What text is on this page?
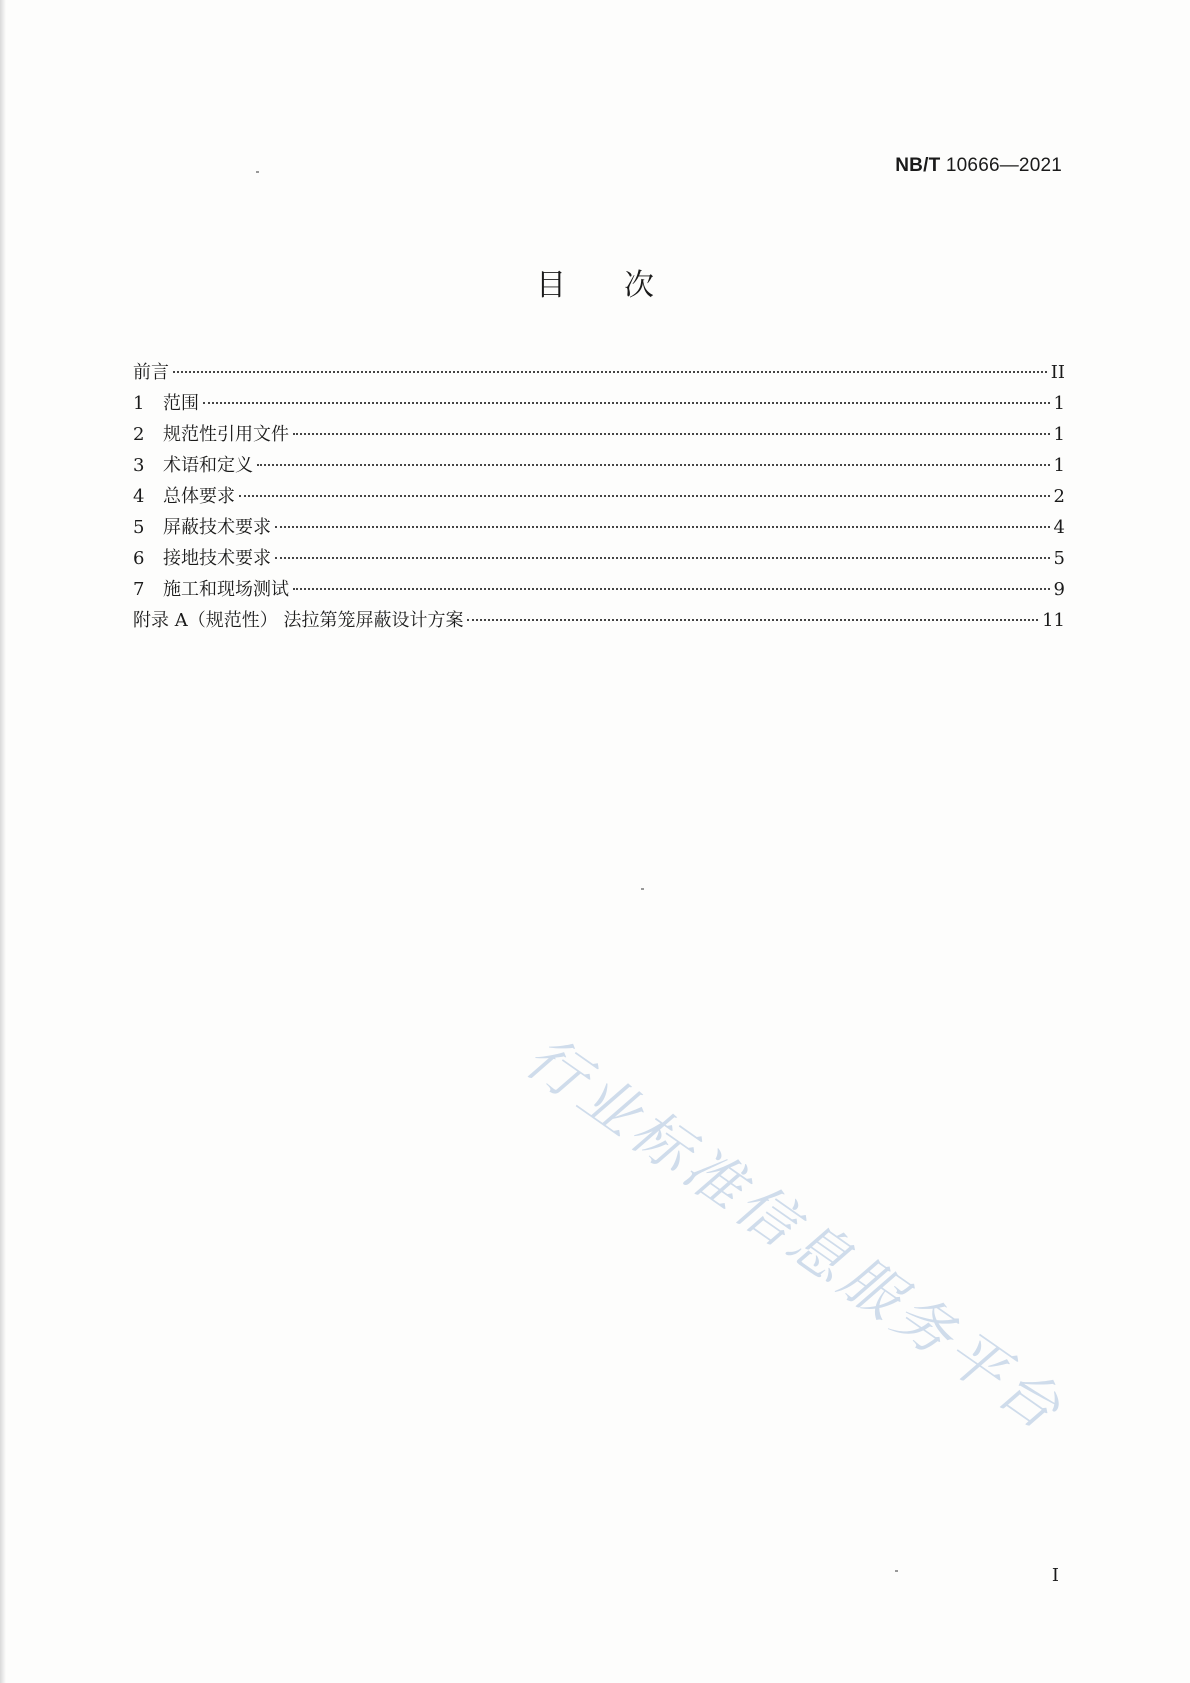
NB/T 10666—2021
目次
前言	II
1	范围	1
2	规范性引用文件	1
3	术语和定义	1
4	总体要求	2
5	屏蔽技术要求	4
6	接地技术要求	5
7	施工和现场测试	9
附录 A（规范性） 法拉第笼屏蔽设计方案	11
行业标准信息服务平台
I
